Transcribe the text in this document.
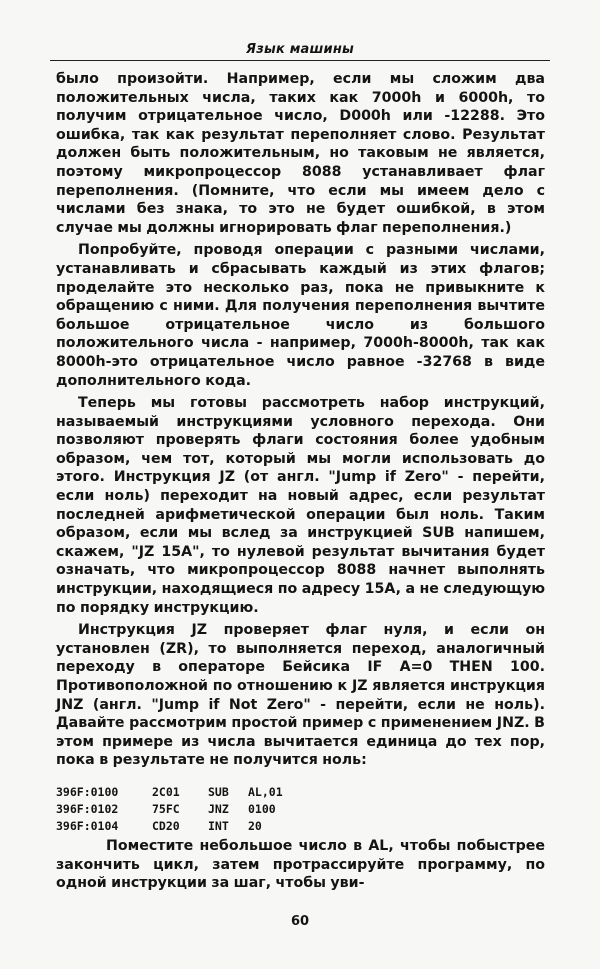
Язык машины

было произойти. Например, если мы сложим два положительных числа, таких как 7000h и 6000h, то получим отрицательное число, D000h или -12288. Это ошибка, так как результат переполняет слово. Результат должен быть положительным, но таковым не является, поэтому микропроцессор 8088 устанавливает флаг переполнения. (Помните, что если мы имеем дело с числами без знака, то это не будет ошибкой, в этом случае мы должны игнорировать флаг переполнения.)

Попробуйте, проводя операции с разными числами, устанавливать и сбрасывать каждый из этих флагов; проделайте это несколько раз, пока не привыкните к обращению с ними. Для получения переполнения вычтите большое отрицательное число из большого положительного числа - например, 7000h-8000h, так как 8000h-это отрицательное число равное -32768 в виде дополнительного кода.

Теперь мы готовы рассмотреть набор инструкций, называемый инструкциями условного перехода. Они позволяют проверять флаги состояния более удобным образом, чем тот, который мы могли использовать до этого. Инструкция JZ (от англ. "Jump if Zero" - перейти, если ноль) переходит на новый адрес, если результат последней арифметической операции был ноль. Таким образом, если мы вслед за инструкцией SUB напишем, скажем, "JZ 15A", то нулевой результат вычитания будет означать, что микропроцессор 8088 начнет выполнять инструкции, находящиеся по адресу 15A, а не следующую по порядку инструкцию.

Инструкция JZ проверяет флаг нуля, и если он установлен (ZR), то выполняется переход, аналогичный переходу в операторе Бейсика IF A=0 THEN 100. Противоположной по отношению к JZ является инструкция JNZ (англ. "Jump if Not Zero" - перейти, если не ноль). Давайте рассмотрим простой пример с применением JNZ. В этом примере из числа вычитается единица до тех пор, пока в результате не получится ноль:

396F:0100	2C01	SUB	AL,01
396F:0102	75FC	JNZ	0100
396F:0104	CD20	INT	20

Поместите небольшое число в AL, чтобы побыстрее закончить цикл, затем протрассируйте программу, по одной инструкции за шаг, чтобы уви-

60
